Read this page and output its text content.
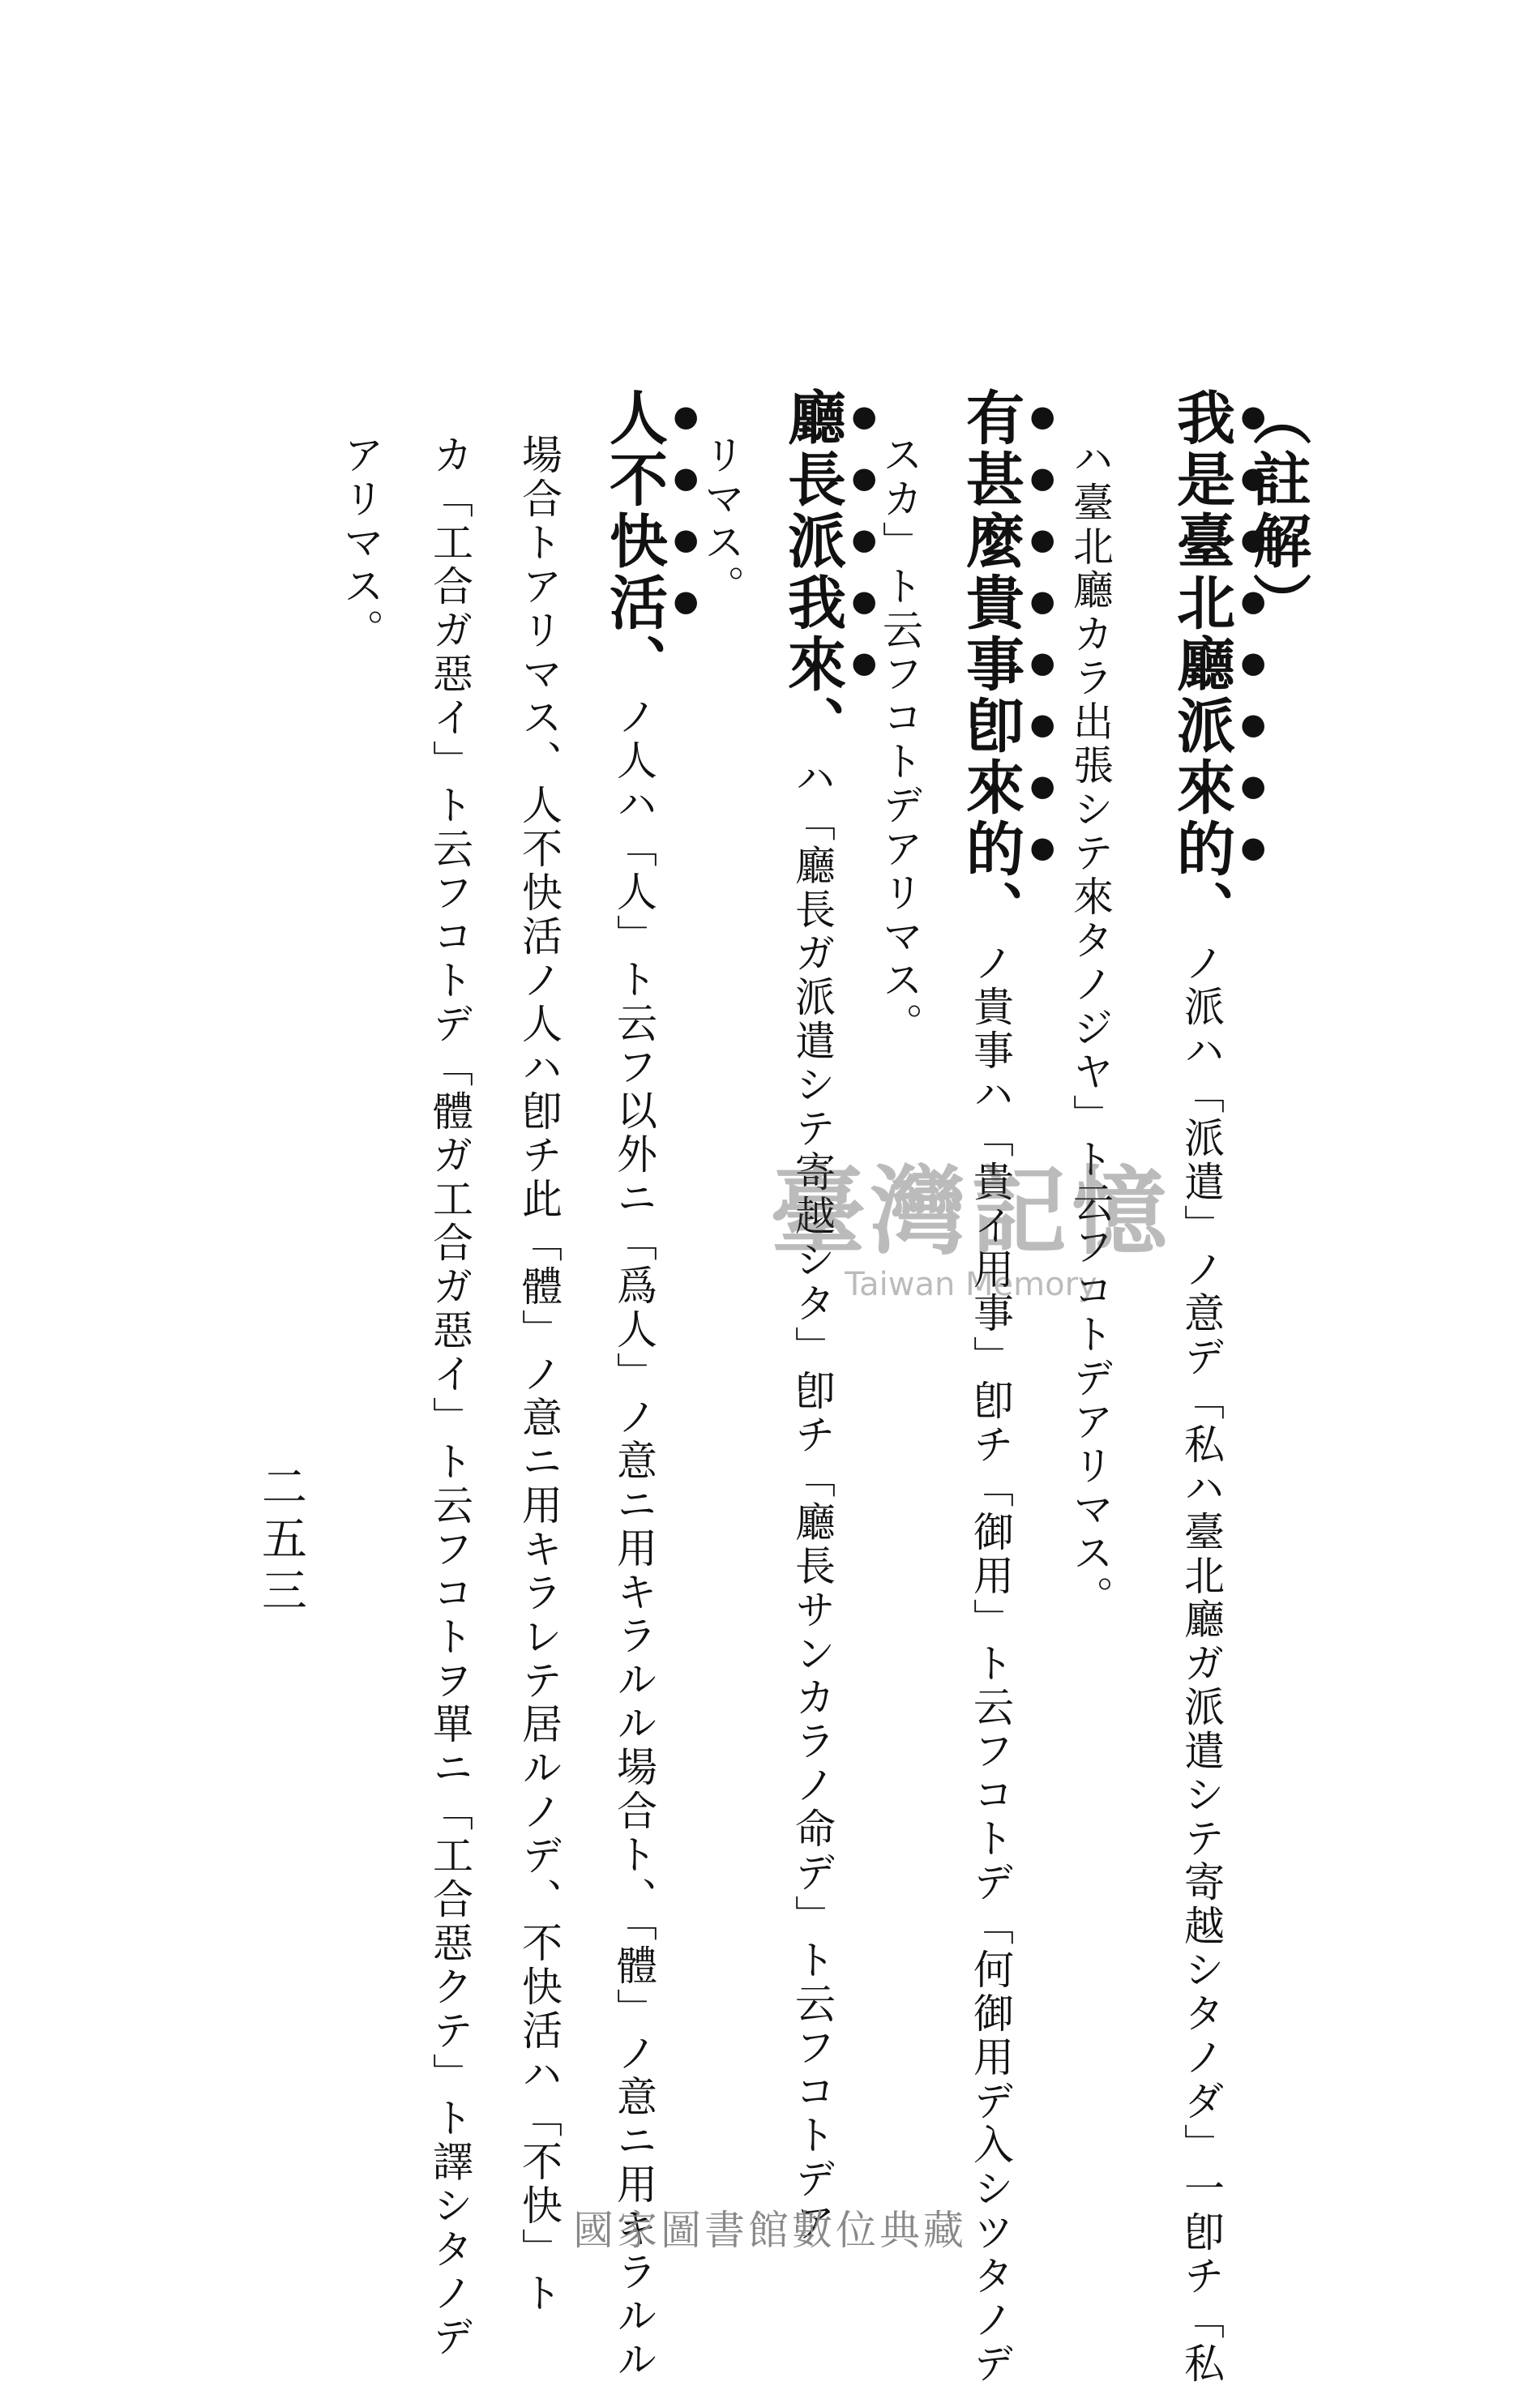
（註解）
我是臺北廳派來的、ノ派ハ「派遣」ノ意デ「私ハ臺北廳ガ派遣シテ寄越シタノダ」一卽チ「私
ハ臺北廳カラ出張シテ來タノジヤ」ト云フコトデアリマス。
有甚麼貴事卽來的、ノ貴事ハ「貴イ用事」卽チ「御用」ト云フコトデ「何御用デ入シツタノデ
スカ」ト云フコトデアリマス。
廳長派我來、ハ「廳長ガ派遣シテ寄越シタ」卽チ「廳長サンカラノ命デ」ト云フコトデア
リマス。
人不快活、ノ人ハ「人」ト云フ以外ニ「爲人」ノ意ニ用キラルル場合ト、「體」ノ意ニ用キラルル
場合トアリマス、人不快活ノ人ハ卽チ此「體」ノ意ニ用キラレテ居ルノデ、不快活ハ「不快」ト
カ「工合ガ惡イ」ト云フコトデ「體ガ工合ガ惡イ」ト云フコトヲ單ニ「工合惡クテ」ト譯シタノデ
アリマス。
二五三
臺灣記憶
Taiwan Memory
國家圖書館數位典藏
